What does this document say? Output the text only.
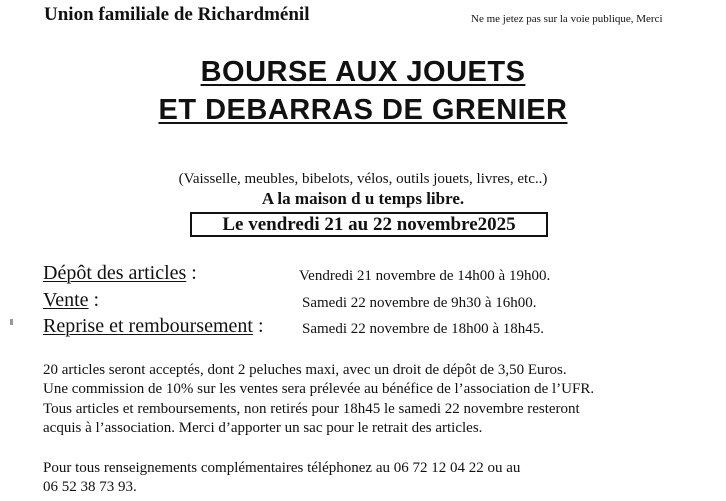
Union familiale de Richardménil	Ne me jetez pas sur la voie publique, Merci
BOURSE AUX JOUETS
ET DEBARRAS DE GRENIER
(Vaisselle, meubles, bibelots, vélos, outils jouets, livres, etc..)
A la maison d u temps libre.
Le vendredi 21 au 22 novembre2025
Dépôt des articles :	Vendredi 21 novembre de 14h00 à 19h00.
Vente :	Samedi 22 novembre de 9h30 à 16h00.
Reprise et remboursement :	Samedi 22 novembre de 18h00 à 18h45.
20 articles seront acceptés, dont 2 peluches maxi, avec un droit de dépôt de 3,50 Euros.
Une commission de 10% sur les ventes sera prélevée au bénéfice de l’association de l’UFR.
Tous articles et remboursements, non retirés pour 18h45 le samedi 22 novembre resteront
acquis à l’association. Merci d’apporter un sac pour le retrait des articles.
Pour tous renseignements complémentaires téléphonez au 06 72 12 04 22 ou au
06 52 38 73 93.
